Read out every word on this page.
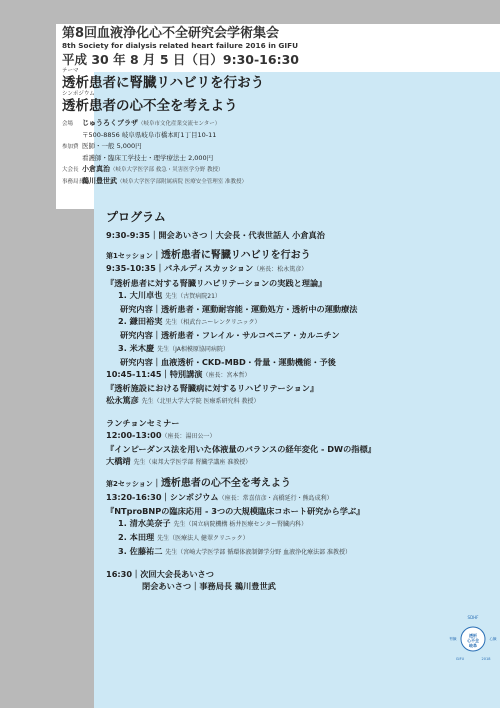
第8回血液浄化心不全研究会学術集会
8th Society for dialysis related heart failure 2016 in GIFU
平成 30 年 8 月 5 日（日）9:30-16:30
テーマ
透析患者に腎臓リハビリを行おう
シンポジウム
透析患者の心不全を考えよう
会場	じゅうろくプラザ（岐阜市文化産業交流センター）
〒500-8856 岐阜県岐阜市橋本町1丁目10-11
参加費 医師・一般 5,000円
看護師・臨床工学技士・理学療法士 2,000円
大会長 小倉真治（岐阜大学医学部 救急・災害医学分野 教授）
事務局長
鵜川豊世武（岐阜大学医学部附属病院 医療安全管理室 准教授）
プログラム
9:30-9:35｜開会あいさつ｜大会長・代表世話人 小倉真治
第1セッション｜透析患者に腎臓リハビリを行おう
9:35-10:35｜パネルディスカッション（座長：松永篤彦）
『透析患者に対する腎臓リハビリテーションの実践と理論』
1. 大川卓也 先生（古賀病院21）
研究内容｜透析患者・運動耐容能・運動処方・透析中の運動療法
2. 鎌田裕実 先生（相武台ニーレンクリニック）
研究内容｜透析患者・フレイル・サルコペニア・カルニチン
3. 米木慶 先生（JA相模原協同病院）
研究内容｜血液透析・CKD-MBD・骨量・運動機能・予後
10:45-11:45｜特別講演（座長：宮本哲）
『透析施設における腎臓病に対するリハビリテーション』
松永篤彦 先生（北里大学大学院 医療系研究科 教授）
ランチョンセミナー
12:00-13:00（座長：湯田公一）
『インピーダンス法を用いた体液量のバランスの経年変化 - DWの指標』
大橋靖 先生（東邦大学医学部 腎臓学講座 准教授）
第2セッション｜透析患者の心不全を考えよう
13:20-16:30｜シンポジウム（座長：常喜信彦・高橋延行・熊島成利）
『NTproBNPの臨床応用 - 3つの大規模臨床コホート研究から学ぶ』
1. 清水美奈子 先生（国立病院機構 栃井医療センター腎臓内科）
2. 本田理 先生（医療法人 健翠クリニック）
3. 佐藤祐二 先生（宮崎大学医学部 循環体液制御学分野 血液浄化療法部 准教授）
16:30｜次回大会長あいさつ
閉会あいさつ｜事務局長 鵜川豊世武
SDHF
透析
心不全
岐阜
腎臓	心臓
GIFU	2018
